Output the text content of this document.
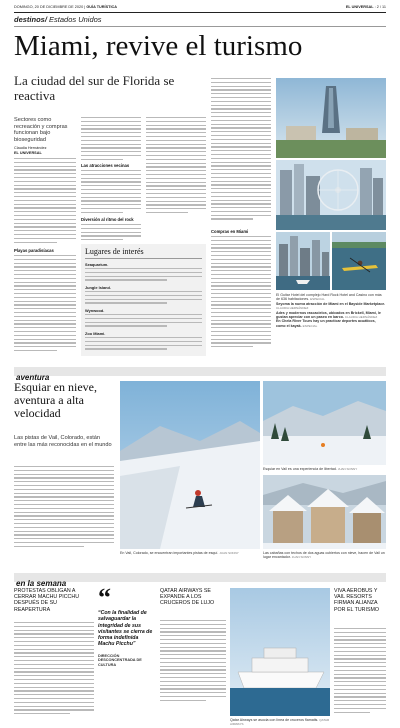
DOMINGO, 20 DE DICIEMBRE DE 2020 | GUÍA TURÍSTICA	EL UNIVERSAL : 2 / 11
destinos/ Estados Unidos
Miami, revive el turismo
La ciudad del sur de Florida se reactiva
Sectores como recreación y compras funcionan bajo bioseguridad
Claudia Hernández
EL UNIVERSAL
Playas paradisíacas
Las atracciones vecinas
Diversión al ritmo del rock
Lugares de interés
Seaquarium.
Jungle Island.
Wynwood.
Zoo Miami.
Compras en Miami
El Guitar Hotel del complejo Hard Rock Hotel and Casino con más de 636 habitaciones. ESPECIAL
Seyoma la nueva atracción de Miami en el Bayside Marketplace. CLAUDIA HERNÁNDEZ
Ades y modernos rascacielos, ubicados en Brickell, Miami, le gustan apreciar con un paseo en barco. CLAUDIA HERNÁNDEZ
En Chela River Tours hay un practicar deportes acuáticos, como el kayak. ESPECIAL
aventura
Esquiar en nieve, aventura a alta velocidad
Las pistas de Vail, Colorado, están entre las más reconocidas en el mundo
En Vail, Colorado, se encuentran importantes pistas de esquí. JUAN SONNY
Esquiar en Vail es una experiencia de libertad. JUAN SONNY
Las cabañas con techos de dos aguas cubiertos con nieve, hacen de Vail un lugar encantador. JUAN SONNY
en la semana
PROTESTAS OBLIGAN A CERRAR MACHU PICCHU DESPUÉS DE SU REAPERTURA	“
“Con la finalidad de salvaguardar la integridad de sus visitantes se cierra de forma indefinida Machu Picchu”
DIRECCIÓN DESCONCENTRADA DE CULTURA
QATAR AIRWAYS SE EXPANDE A LOS CRUCEROS DE LUJO
Qatar Airways se asocia con línea de cruceros flamatis. QATAR AIRWAYS
VIVA AEROBUS Y VAIL RESORTS FIRMAN ALIANZA POR EL TURISMO
